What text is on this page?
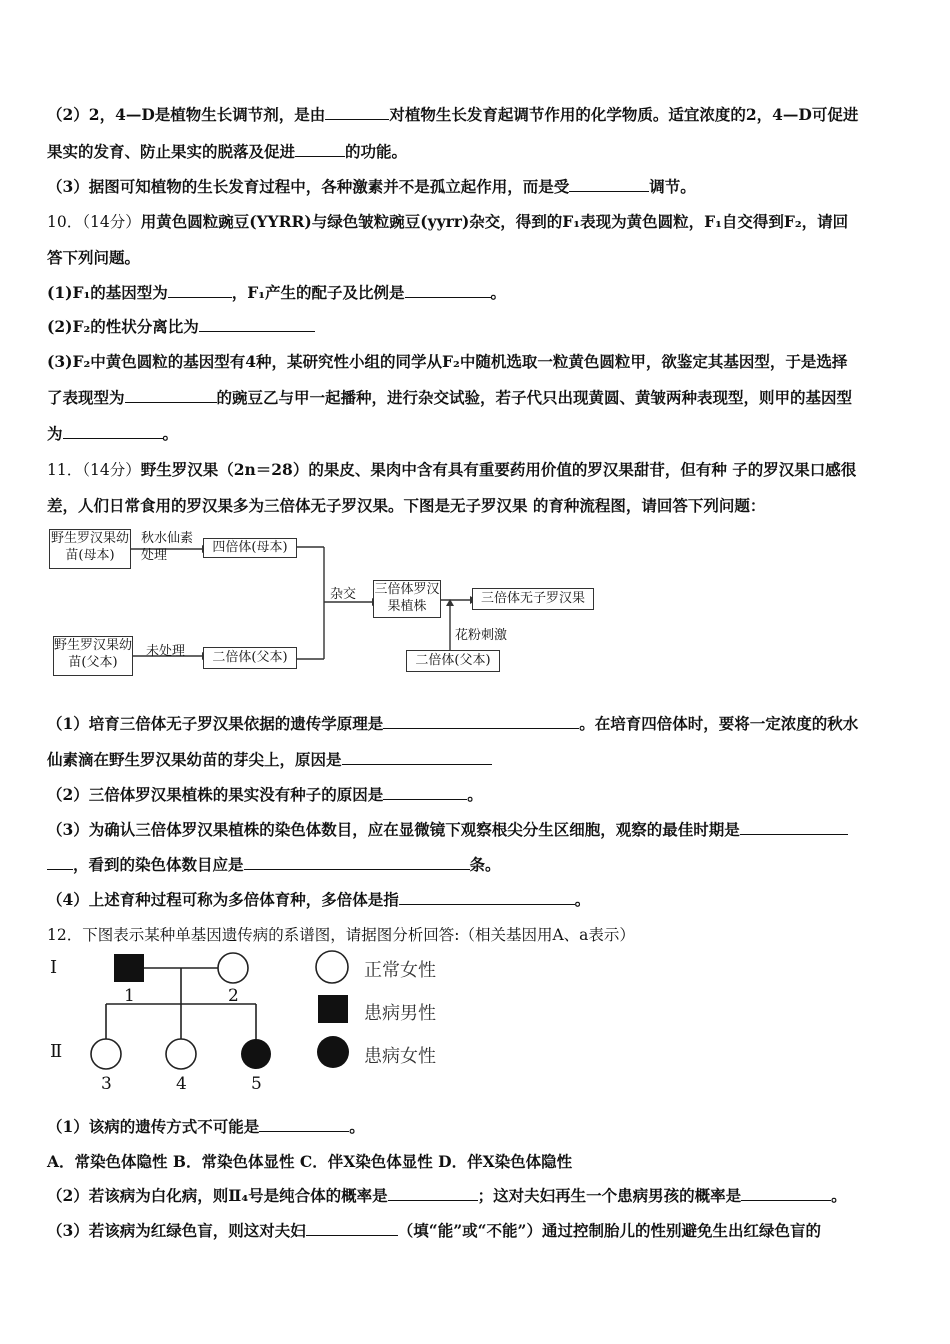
（2）2，4—D是植物生长调节剂，是由	对植物生长发育起调节作用的化学物质。适宜浓度的2，4—D可促进
果实的发育、防止果实的脱落及促进	的功能。
（3）据图可知植物的生长发育过程中，各种激素并不是孤立起作用，而是受	调节。
10．（14分）用黄色圆粒豌豆(YYRR)与绿色皱粒豌豆(yyrr)杂交，得到的F₁表现为黄色圆粒，F₁自交得到F₂，请回
答下列问题。
(1)F₁的基因型为	，F₁产生的配子及比例是	。
(2)F₂的性状分离比为
(3)F₂中黄色圆粒的基因型有4种，某研究性小组的同学从F₂中随机选取一粒黄色圆粒甲，欲鉴定其基因型，于是选择
了表现型为	的豌豆乙与甲一起播种，进行杂交试验，若子代只出现黄圆、黄皱两种表现型，则甲的基因型
为	。
11．（14分）野生罗汉果（2n＝28）的果皮、果肉中含有具有重要药用价值的罗汉果甜苷，但有种 子的罗汉果口感很
差，人们日常食用的罗汉果多为三倍体无子罗汉果。下图是无子罗汉果 的育种流程图，请回答下列问题：
野生罗汉果幼苗(母本)
秋水仙素处理
四倍体(母本)
杂交 三倍体罗汉果植株
三倍体无子罗汉果
花粉刺激
野生罗汉果幼苗(父本)
未处理	二倍体(父本)	二倍体(父本)
（1）培育三倍体无子罗汉果依据的遗传学原理是	。在培育四倍体时，要将一定浓度的秋水
仙素滴在野生罗汉果幼苗的芽尖上，原因是
（2）三倍体罗汉果植株的果实没有种子的原因是	。
（3）为确认三倍体罗汉果植株的染色体数目，应在显微镜下观察根尖分生区细胞，观察的最佳时期是
，看到的染色体数目应是	条。
（4）上述育种过程可称为多倍体育种，多倍体是指	。
12．下图表示某种单基因遗传病的系谱图，请据图分析回答:（相关基因用A、a表示）
Ⅰ
Ⅱ
1	2
3	4	5
正常女性
患病男性
患病女性
（1）该病的遗传方式不可能是	。
A．常染色体隐性 B．常染色体显性 C．伴X染色体显性 D．伴X染色体隐性
（2）若该病为白化病，则Ⅱ₄号是纯合体的概率是	；这对夫妇再生一个患病男孩的概率是	。
（3）若该病为红绿色盲，则这对夫妇	（填“能”或“不能”）通过控制胎儿的性别避免生出红绿色盲的
